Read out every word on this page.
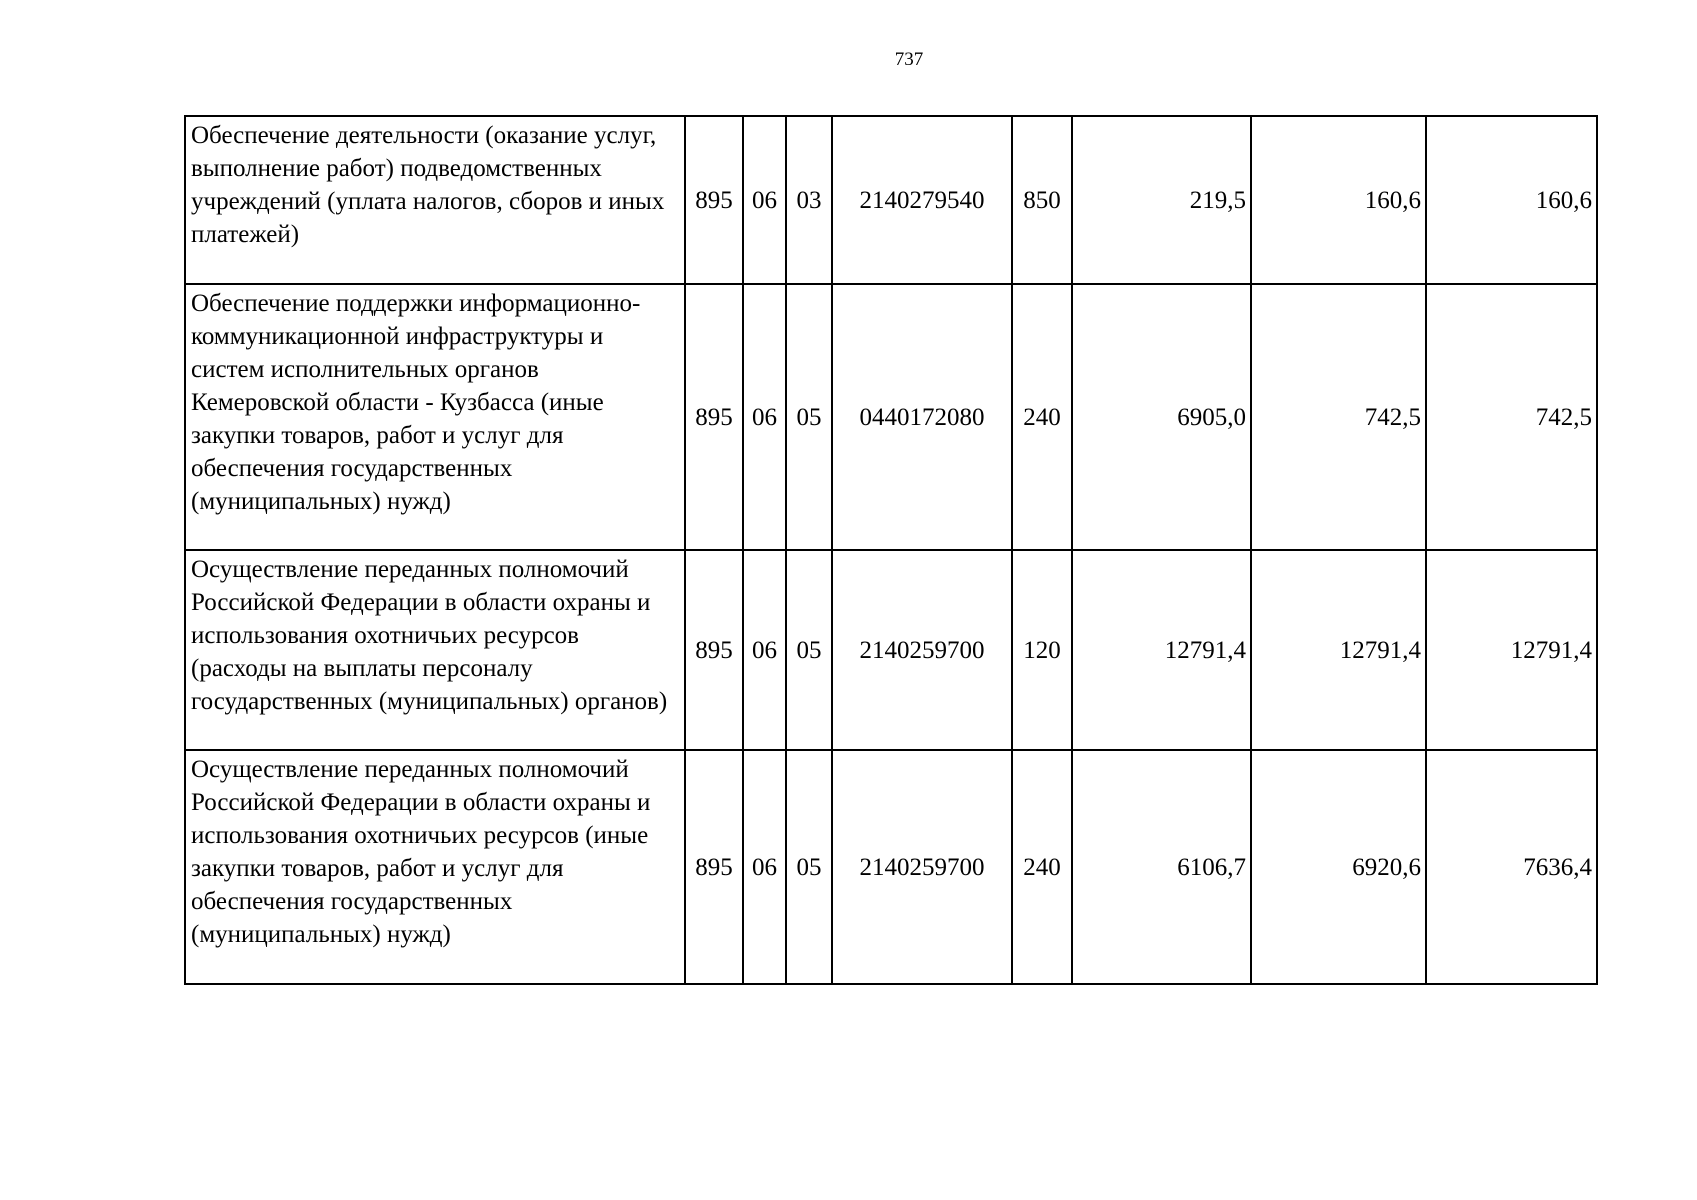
737
Обеспечение деятельности (оказание услуг, выполнение работ) подведомственных учреждений (уплата налогов, сборов и иных платежей)	895	06	03	2140279540	850	219,5	160,6	160,6
Обеспечение поддержки информационно-коммуникационной инфраструктуры и систем исполнительных органов Кемеровской области - Кузбасса (иные закупки товаров, работ и услуг для обеспечения государственных (муниципальных) нужд)	895	06	05	0440172080	240	6905,0	742,5	742,5
Осуществление переданных полномочий Российской Федерации в области охраны и использования охотничьих ресурсов (расходы на выплаты персоналу государственных (муниципальных) органов)	895	06	05	2140259700	120	12791,4	12791,4	12791,4
Осуществление переданных полномочий Российской Федерации в области охраны и использования охотничьих ресурсов (иные закупки товаров, работ и услуг для обеспечения государственных (муниципальных) нужд)	895	06	05	2140259700	240	6106,7	6920,6	7636,4
